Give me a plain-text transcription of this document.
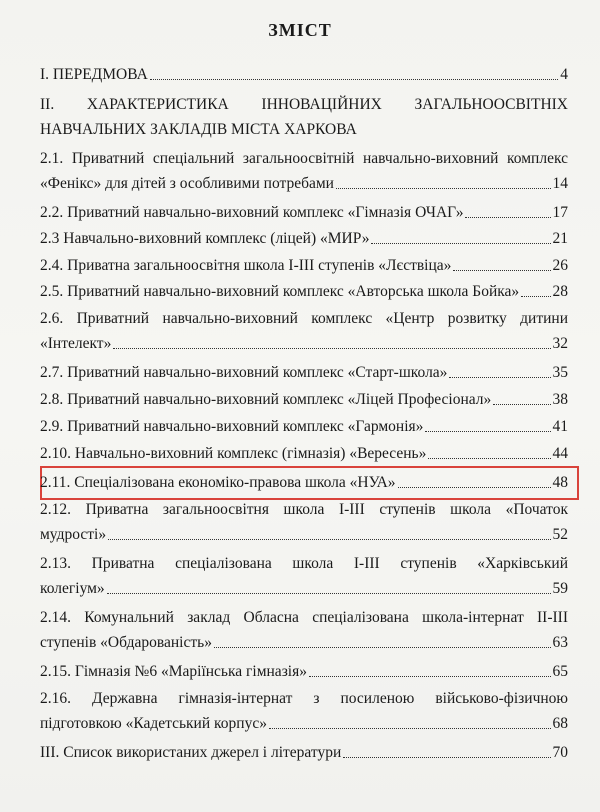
ЗМІСТ
І. ПЕРЕДМОВА	4
ІІ. ХАРАКТЕРИСТИКА ІННОВАЦІЙНИХ ЗАГАЛЬНООСВІТНІХ
НАВЧАЛЬНИХ ЗАКЛАДІВ МІСТА ХАРКОВА
2.1. Приватний спеціальний загальноосвітній навчально-виховний комплекс
«Фенікс» для дітей з особливими потребами	14
2.2. Приватний навчально-виховний комплекс «Гімназія ОЧАГ»	17
2.3 Навчально-виховний комплекс (ліцей) «МИР»	21
2.4. Приватна загальноосвітня школа І-ІІІ ступенів «Лєствіца»	26
2.5. Приватний навчально-виховний комплекс «Авторська школа Бойка» 28
2.6. Приватний навчально-виховний комплекс «Центр розвитку дитини
«Інтелект»	32
2.7. Приватний навчально-виховний комплекс «Старт-школа»	35
2.8. Приватний навчально-виховний комплекс «Ліцей Професіонал»	38
2.9. Приватний навчально-виховний комплекс «Гармонія»	41
2.10. Навчально-виховний комплекс (гімназія) «Вересень»	44
2.11. Спеціалізована економіко-правова школа «НУА»	48
2.12. Приватна загальноосвітня школа І-ІІІ ступенів школа «Початок
мудрості»	52
2.13. Приватна спеціалізована школа І-ІІІ ступенів «Харківський
колегіум»	59
2.14. Комунальний заклад Обласна спеціалізована школа-інтернат ІІ-ІІІ
ступенів «Обдарованість»	63
2.15. Гімназія №6 «Маріїнська гімназія»	65
2.16. Державна гімназія-інтернат з посиленою військово-фізичною
підготовкою «Кадетський корпус»	68
ІІІ. Список використаних джерел і літератури	70
